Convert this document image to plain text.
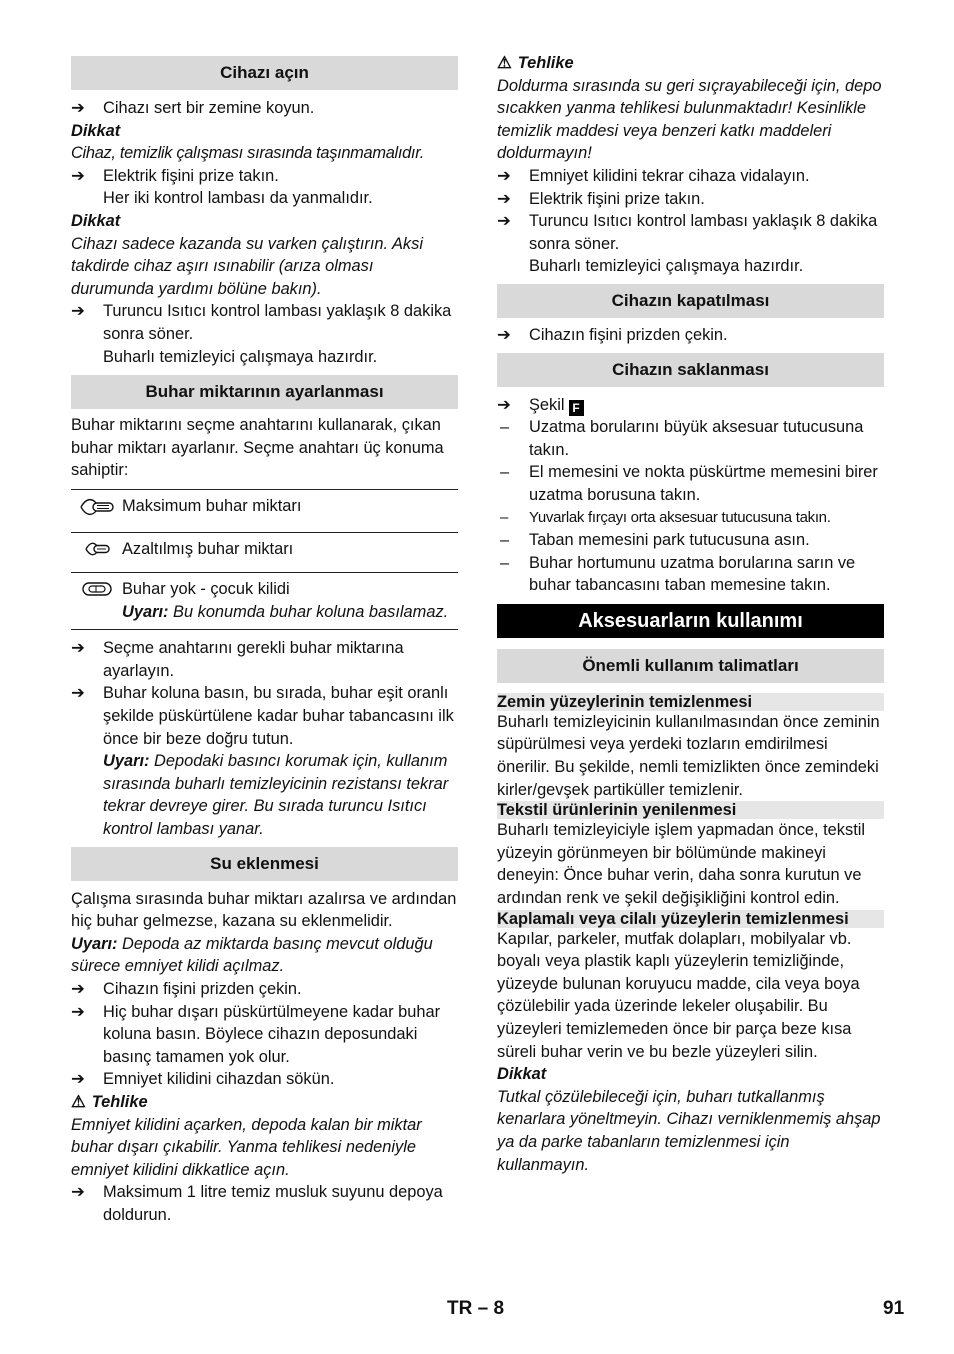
Cihazı açın
➔ Cihazı sert bir zemine koyun.
Dikkat
Cihaz, temizlik çalışması sırasında taşınmamalıdır.
➔ Elektrik fişini prize takın.
Her iki kontrol lambası da yanmalıdır.
Dikkat
Cihazı sadece kazanda su varken çalıştırın. Aksi takdirde cihaz aşırı ısınabilir (arıza olması durumunda yardımı bölüne bakın).
➔ Turuncu Isıtıcı kontrol lambası yaklaşık 8 dakika sonra söner.
Buharlı temizleyici çalışmaya hazırdır.
Buhar miktarının ayarlanması
Buhar miktarını seçme anahtarını kullanarak, çıkan buhar miktarı ayarlanır. Seçme anahtarı üç konuma sahiptir:
	Maksimum buhar miktarı
	Azaltılmış buhar miktarı

Buhar yok - çocuk kilidi
Uyarı: Bu konumda buhar koluna basılamaz.
➔ Seçme anahtarını gerekli buhar miktarına ayarlayın.
➔ Buhar koluna basın, bu sırada, buhar eşit oranlı şekilde püskürtülene kadar buhar tabancasını ilk önce bir beze doğru tutun.
Uyarı: Depodaki basıncı korumak için, kullanım sırasında buharlı temizleyicinin rezistansı tekrar tekrar devreye girer. Bu sırada turuncu Isıtıcı kontrol lambası yanar.
Su eklenmesi
Çalışma sırasında buhar miktarı azalırsa ve ardından hiç buhar gelmezse, kazana su eklenmelidir.
Uyarı: Depoda az miktarda basınç mevcut olduğu sürece emniyet kilidi açılmaz.
➔ Cihazın fişini prizden çekin.
➔ Hiç buhar dışarı püskürtülmeyene kadar buhar koluna basın. Böylece cihazın deposundaki basınç tamamen yok olur.
➔ Emniyet kilidini cihazdan sökün.
⚠ Tehlike
Emniyet kilidini açarken, depoda kalan bir miktar buhar dışarı çıkabilir. Yanma tehlikesi nedeniyle emniyet kilidini dikkatlice açın.
➔ Maksimum 1 litre temiz musluk suyunu depoya doldurun.
⚠ Tehlike
Doldurma sırasında su geri sıçrayabileceği için, depo sıcakken yanma tehlikesi bulunmaktadır! Kesinlikle temizlik maddesi veya benzeri katkı maddeleri doldurmayın!
➔ Emniyet kilidini tekrar cihaza vidalayın.
➔ Elektrik fişini prize takın.
➔ Turuncu Isıtıcı kontrol lambası yaklaşık 8 dakika sonra söner.
Buharlı temizleyici çalışmaya hazırdır.
Cihazın kapatılması
➔ Cihazın fişini prizden çekin.
Cihazın saklanması
➔ Şekil F
– Uzatma borularını büyük aksesuar tutucusuna takın.
– El memesini ve nokta püskürtme memesini birer uzatma borusuna takın.
– Yuvarlak fırçayı orta aksesuar tutucusuna takın.
– Taban memesini park tutucusuna asın.
– Buhar hortumunu uzatma borularına sarın ve buhar tabancasını taban memesine takın.
Aksesuarların kullanımı
Önemli kullanım talimatları
Zemin yüzeylerinin temizlenmesi
Buharlı temizleyicinin kullanılmasından önce zeminin süpürülmesi veya yerdeki tozların emdirilmesi önerilir. Bu şekilde, nemli temizlikten önce zemindeki kirler/gevşek partiküller temizlenir.
Tekstil ürünlerinin yenilenmesi
Buharlı temizleyiciyle işlem yapmadan önce, tekstil yüzeyin görünmeyen bir bölümünde makineyi deneyin: Önce buhar verin, daha sonra kurutun ve ardından renk ve şekil değişikliğini kontrol edin.
Kaplamalı veya cilalı yüzeylerin temizlenmesi
Kapılar, parkeler, mutfak dolapları, mobilyalar vb. boyalı veya plastik kaplı yüzeylerin temizliğinde, yüzeyde bulunan koruyucu madde, cila veya boya çözülebilir yada üzerinde lekeler oluşabilir. Bu yüzeyleri temizlemeden önce bir parça beze kısa süreli buhar verin ve bu bezle yüzeyleri silin.
Dikkat
Tutkal çözülebileceği için, buharı tutkallanmış kenarlara yöneltmeyin. Cihazı verniklenmemiş ahşap ya da parke tabanların temizlenmesi için kullanmayın.
TR – 8	91
